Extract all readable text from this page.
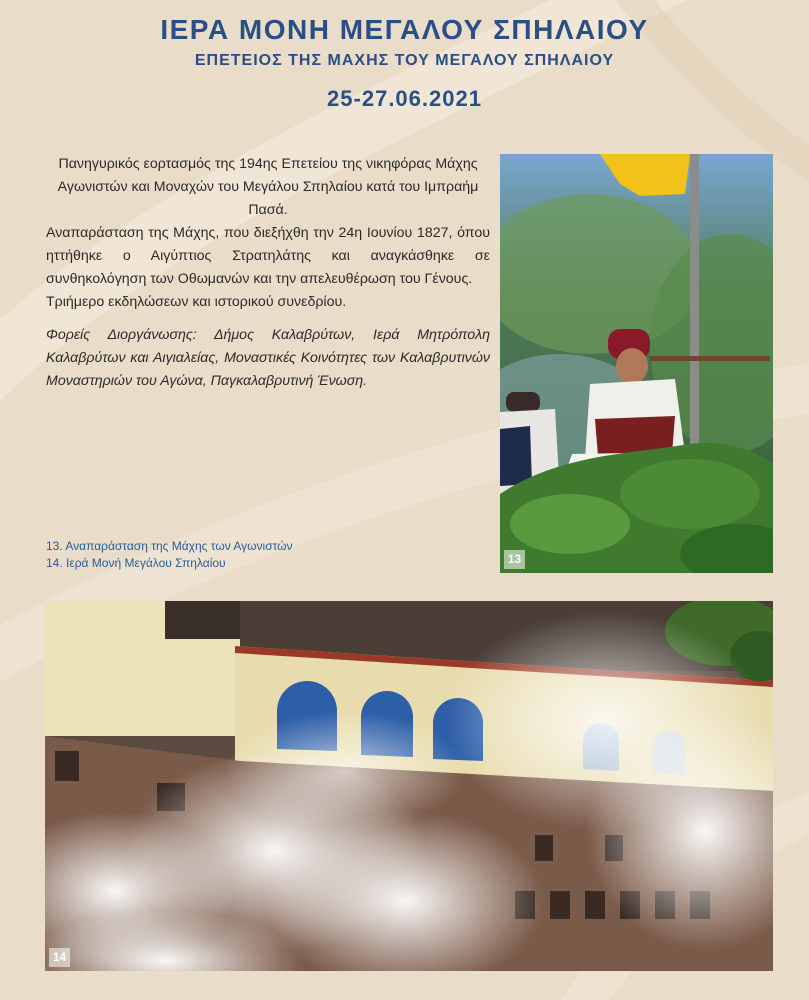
ΙΕΡΑ ΜΟΝΗ ΜΕΓΑΛΟΥ ΣΠΗΛΑΙΟΥ
ΕΠΕΤΕΙΟΣ ΤΗΣ ΜΑΧΗΣ ΤΟΥ ΜΕΓΑΛΟΥ ΣΠΗΛΑΙΟΥ
25-27.06.2021

Πανηγυρικός εορτασμός της 194ης Επετείου της νικηφόρας Μάχης Αγωνιστών και Μοναχών του Μεγάλου Σπηλαίου κατά του Ιμπραήμ Πασά.

Αναπαράσταση της Μάχης, που διεξήχθη την 24η Ιουνίου 1827, όπου ηττήθηκε ο Αιγύπτιος Στρατηλάτης και αναγκάσθηκε σε συνθηκολόγηση των Οθωμανών και την απελευθέρωση του Γένους.

Τριήμερο εκδηλώσεων και ιστορικού συνεδρίου.

Φορείς Διοργάνωσης: Δήμος Καλαβρύτων, Ιερά Μητρόπολη Καλαβρύτων και Αιγιαλείας, Μοναστικές Κοινότητες των Καλαβρυτινών Μοναστηριών του Αγώνα, Παγκαλαβρυτινή Ένωση.

13. Αναπαράσταση της Μάχης των Αγωνιστών
14. Ιερά Μονή Μεγάλου Σπηλαίου	13
14
